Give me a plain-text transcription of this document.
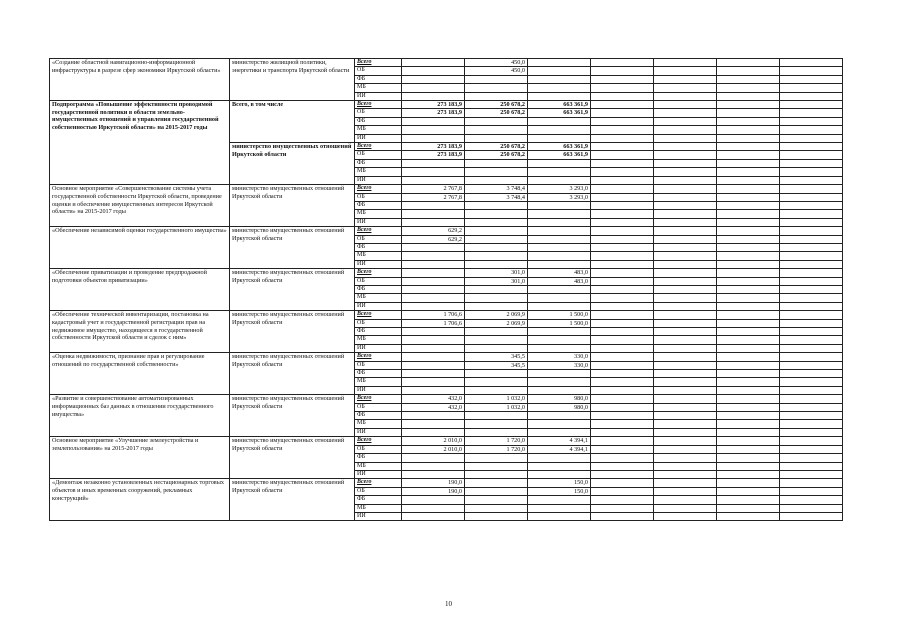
«Создание областной навигационно-информационной инфраструктуры в разрезе сфер экономики Иркутской области»	министерство жилищной политики, энергетики и транспорта Иркутской области	Всего		450,0					
		ОБ		450,0					
		ФБ							
		МБ							
		ИИ							
Подпрограмма «Повышение эффективности проводимой государственной политики в области земельно-имущественных отношений и управления государственной собственностью Иркутской области» на 2015-2017 годы	Всего, в том числе	Всего	273 183,9	250 678,2	663 361,9				
		ОБ	273 183,9	250 678,2	663 361,9				
		ФБ							
		МБ							
		ИИ							
	министерство имущественных отношений Иркутской области	Всего	273 183,9	250 678,2	663 361,9				
		ОБ	273 183,9	250 678,2	663 361,9				
		ФБ							
		МБ							
		ИИ							
Основное мероприятие «Совершенствование системы учета государственной собственности Иркутской области, проведение оценки и обеспечение имущественных интересов Иркутской области» на 2015-2017 годы	министерство имущественных отношений Иркутской области	Всего	2 767,8	3 748,4	3 293,0				
		ОБ	2 767,8	3 748,4	3 293,0				
		ФБ							
		МБ							
		ИИ							
«Обеспечение независимой оценки государственного имущества»	министерство имущественных отношений Иркутской области	Всего	629,2						
		ОБ	629,2						
		ФБ							
		МБ							
		ИИ							
«Обеспечение приватизации и проведение предпродажной подготовки объектов приватизации»	министерство имущественных отношений Иркутской области	Всего		301,0	483,0				
		ОБ		301,0	483,0				
		ФБ							
		МБ							
		ИИ							
«Обеспечение технической инвентаризации, постановка на кадастровый учет и государственной регистрации прав на недвижимое имущество, находящееся в государственной собственности Иркутской области и сделок с ним»	министерство имущественных отношений Иркутской области	Всего	1 706,6	2 069,9	1 500,0				
		ОБ	1 706,6	2 069,9	1 500,0				
		ФБ							
		МБ							
		ИИ							
«Оценка недвижимости, признание прав и регулирование отношений по государственной собственности»	министерство имущественных отношений Иркутской области	Всего		345,5	330,0				
		ОБ		345,5	330,0				
		ФБ							
		МБ							
		ИИ							
«Развитие и совершенствование автоматизированных информационных баз данных в отношении государственного имущества»	министерство имущественных отношений Иркутской области	Всего	432,0	1 032,0	980,0				
		ОБ	432,0	1 032,0	980,0				
		ФБ							
		МБ							
		ИИ							
Основное мероприятие «Улучшение землеустройства и землепользования» на 2015-2017 годы	министерство имущественных отношений Иркутской области	Всего	2 010,0	1 720,0	4 394,1				
		ОБ	2 010,0	1 720,0	4 394,1				
		ФБ							
		МБ							
		ИИ							
«Демонтаж незаконно установленных нестационарных торговых объектов и иных временных сооружений, рекламных конструкций»	министерство имущественных отношений Иркутской области	Всего	190,0		150,0				
		ОБ	190,0		150,0				
		ФБ							
		МБ							
		ИИ							
10
